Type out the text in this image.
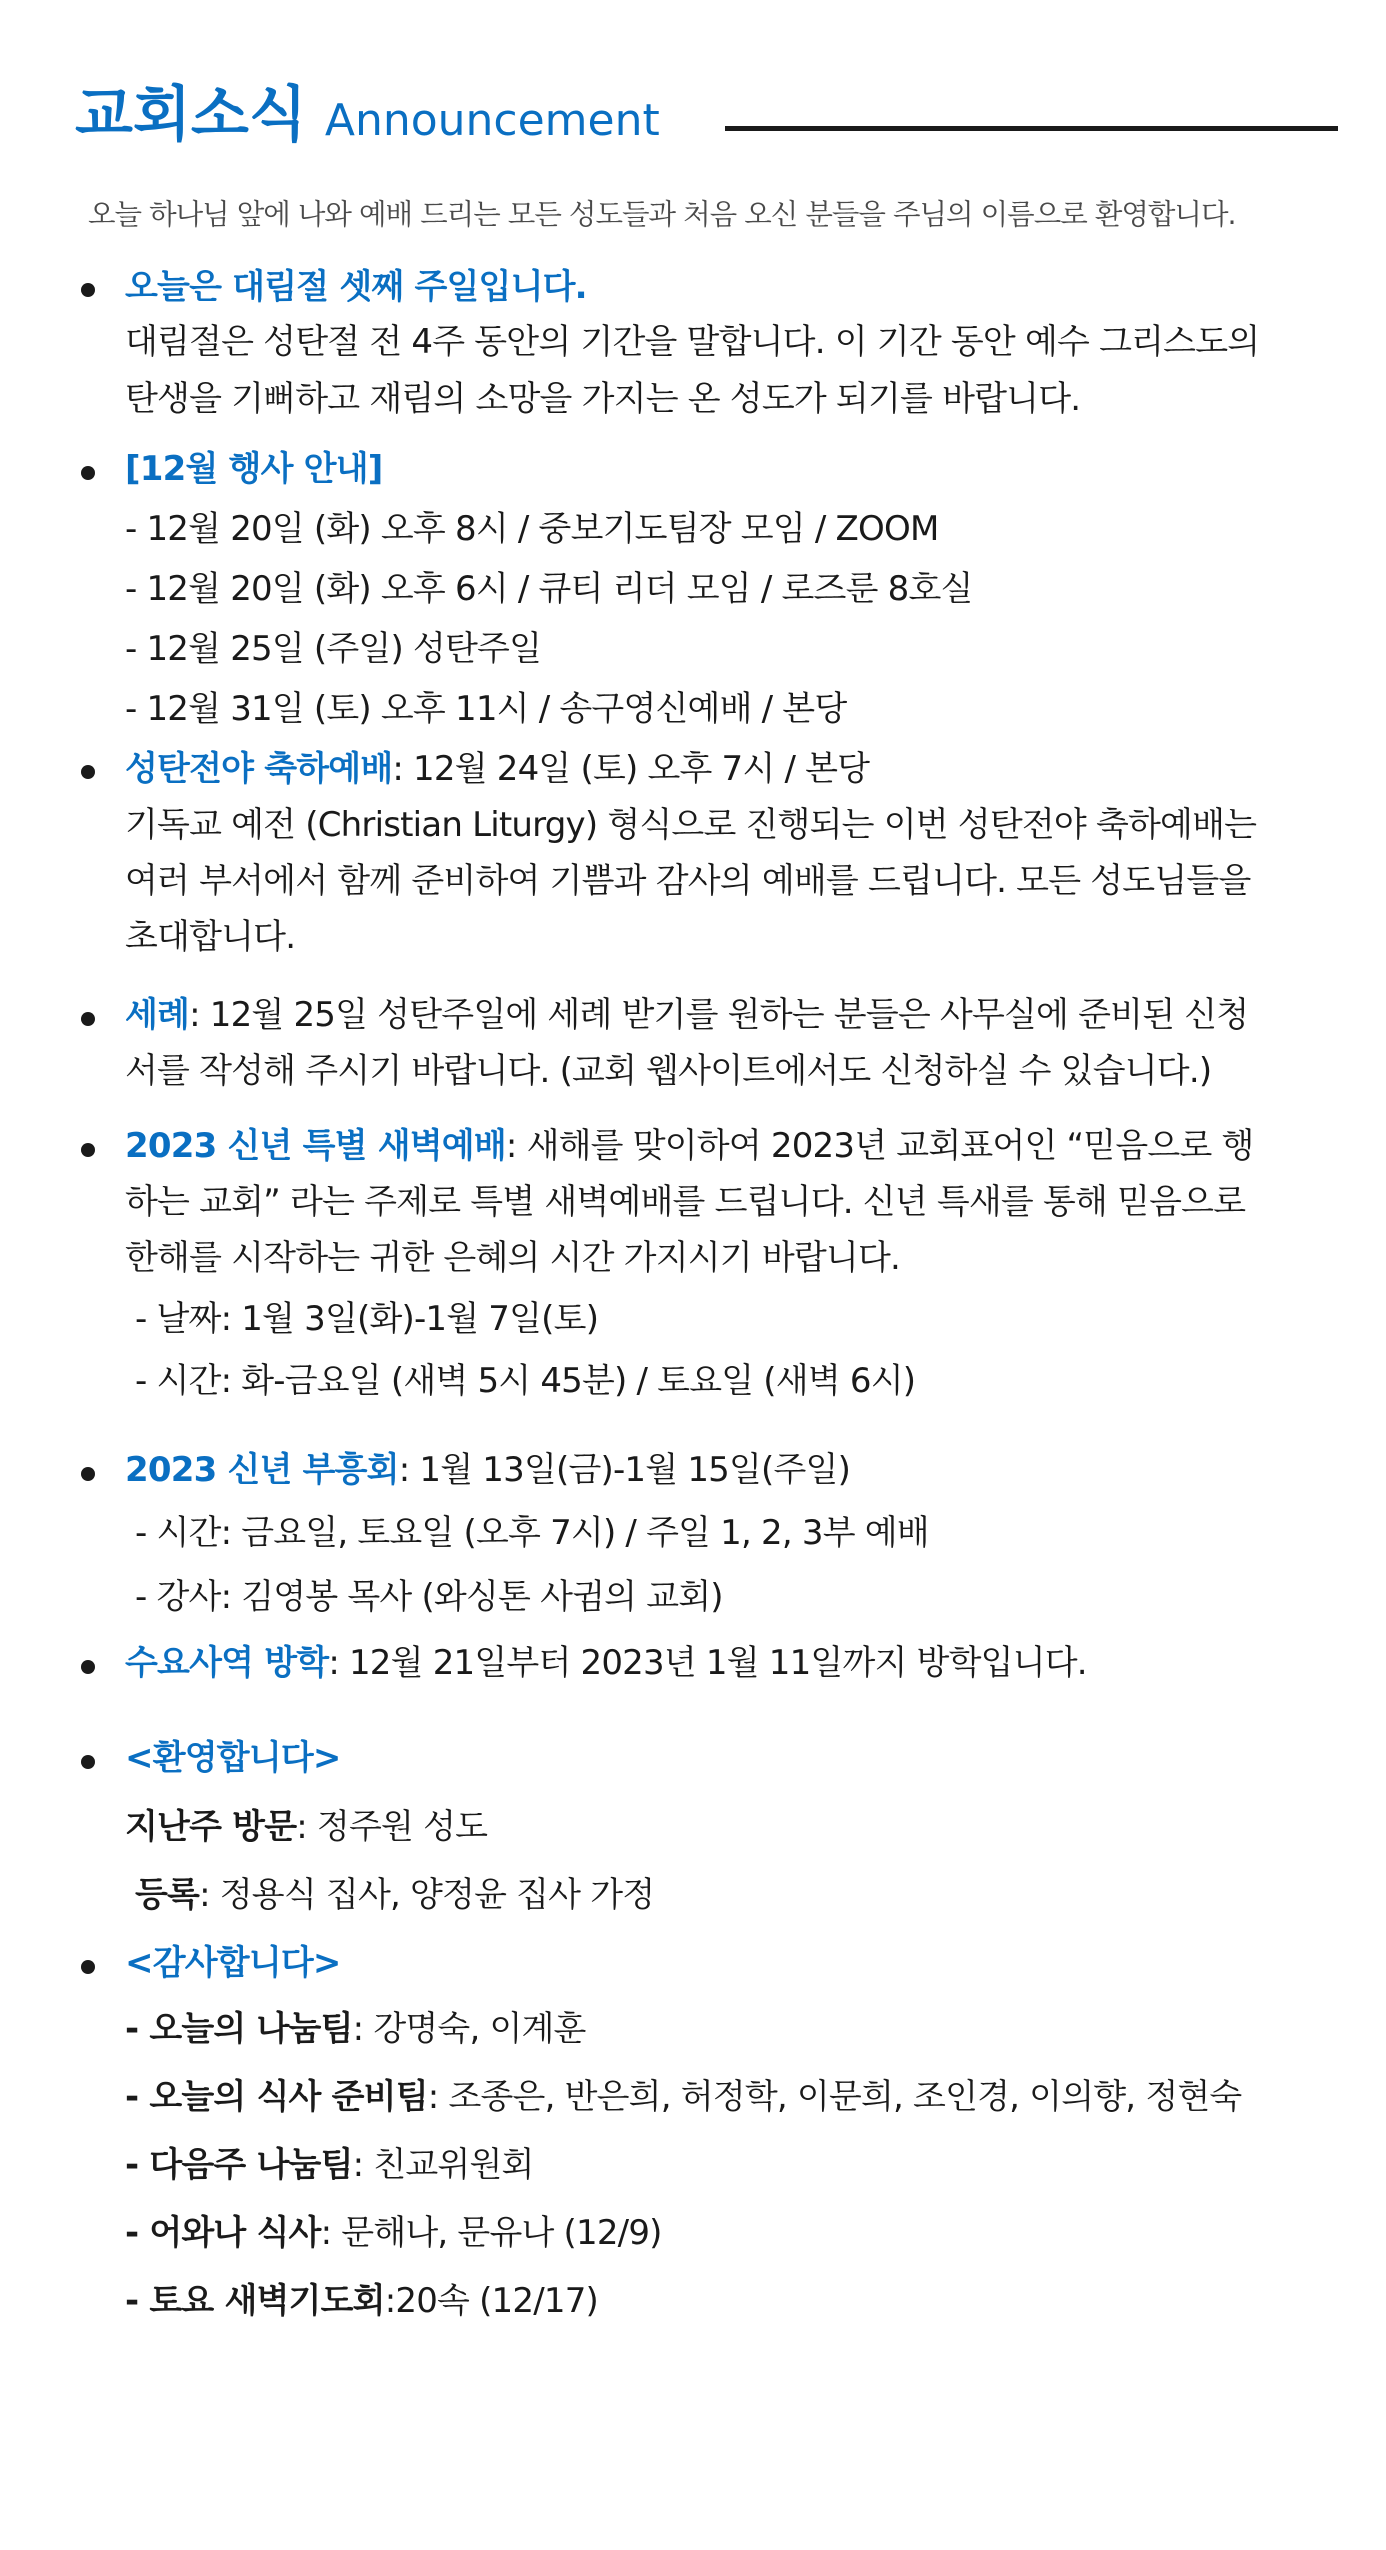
교회소식 Announcement
오늘 하나님 앞에 나와 예배 드리는 모든 성도들과 처음 오신 분들을 주님의 이름으로 환영합니다.
오늘은 대림절 셋째 주일입니다.
대림절은 성탄절 전 4주 동안의 기간을 말합니다. 이 기간 동안 예수 그리스도의
탄생을 기뻐하고 재림의 소망을 가지는 온 성도가 되기를 바랍니다.
[12월 행사 안내]
- 12월 20일 (화) 오후 8시 / 중보기도팀장 모임 / ZOOM
- 12월 20일 (화) 오후 6시 / 큐티 리더 모임 / 로즈룬 8호실
- 12월 25일 (주일) 성탄주일
- 12월 31일 (토) 오후 11시 / 송구영신예배 / 본당
성탄전야 축하예배: 12월 24일 (토) 오후 7시 / 본당
기독교 예전 (Christian Liturgy) 형식으로 진행되는 이번 성탄전야 축하예배는
여러 부서에서 함께 준비하여 기쁨과 감사의 예배를 드립니다. 모든 성도님들을
초대합니다.
세례: 12월 25일 성탄주일에 세례 받기를 원하는 분들은 사무실에 준비된 신청
서를 작성해 주시기 바랍니다. (교회 웹사이트에서도 신청하실 수 있습니다.)
2023 신년 특별 새벽예배: 새해를 맞이하여 2023년 교회표어인 “믿음으로 행
하는 교회” 라는 주제로 특별 새벽예배를 드립니다. 신년 특새를 통해 믿음으로
한해를 시작하는 귀한 은혜의 시간 가지시기 바랍니다.
- 날짜: 1월 3일(화)-1월 7일(토)
- 시간: 화-금요일 (새벽 5시 45분) / 토요일 (새벽 6시)
2023 신년 부흥회: 1월 13일(금)-1월 15일(주일)
- 시간: 금요일, 토요일 (오후 7시) / 주일 1, 2, 3부 예배
- 강사: 김영봉 목사 (와싱톤 사귐의 교회)
수요사역 방학: 12월 21일부터 2023년 1월 11일까지 방학입니다.
<환영합니다>
지난주 방문: 정주원 성도
등록: 정용식 집사, 양정윤 집사 가정
<감사합니다>
- 오늘의 나눔팀: 강명숙, 이계훈
- 오늘의 식사 준비팀: 조종은, 반은희, 허정학, 이문희, 조인경, 이의향, 정현숙
- 다음주 나눔팀: 친교위원회
- 어와나 식사: 문해나, 문유나 (12/9)
- 토요 새벽기도회:20속 (12/17)
